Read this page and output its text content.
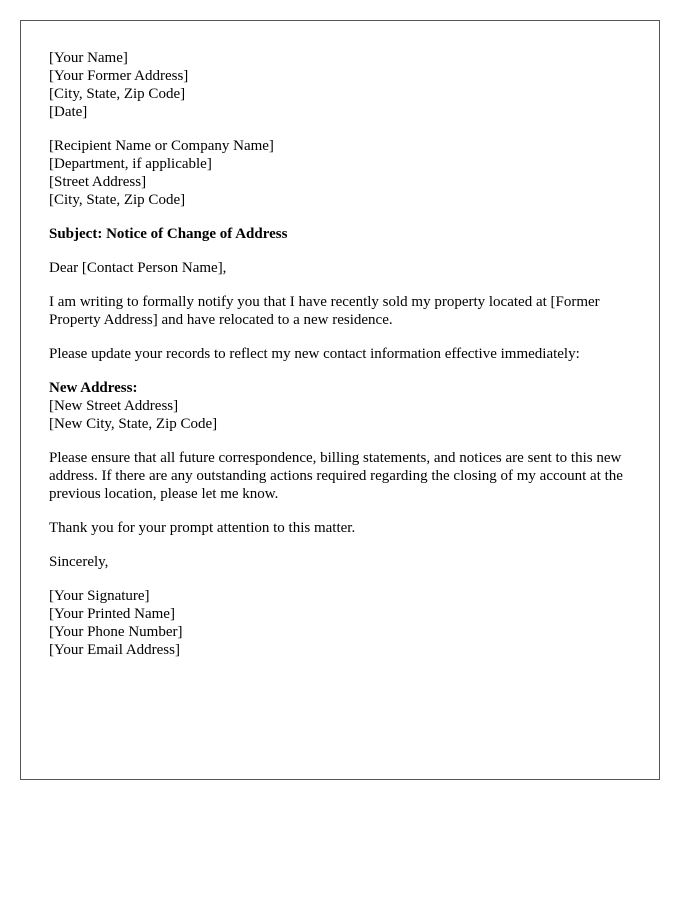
[Your Name]
[Your Former Address]
[City, State, Zip Code]
[Date]
[Recipient Name or Company Name]
[Department, if applicable]
[Street Address]
[City, State, Zip Code]

Subject: Notice of Change of Address

Dear [Contact Person Name],

I am writing to formally notify you that I have recently sold my property located at [Former Property Address] and have relocated to a new residence.

Please update your records to reflect my new contact information effective immediately:

New Address:
[New Street Address]
[New City, State, Zip Code]

Please ensure that all future correspondence, billing statements, and notices are sent to this new address. If there are any outstanding actions required regarding the closing of my account at the previous location, please let me know.

Thank you for your prompt attention to this matter.

Sincerely,

[Your Signature]
[Your Printed Name]
[Your Phone Number]
[Your Email Address]
